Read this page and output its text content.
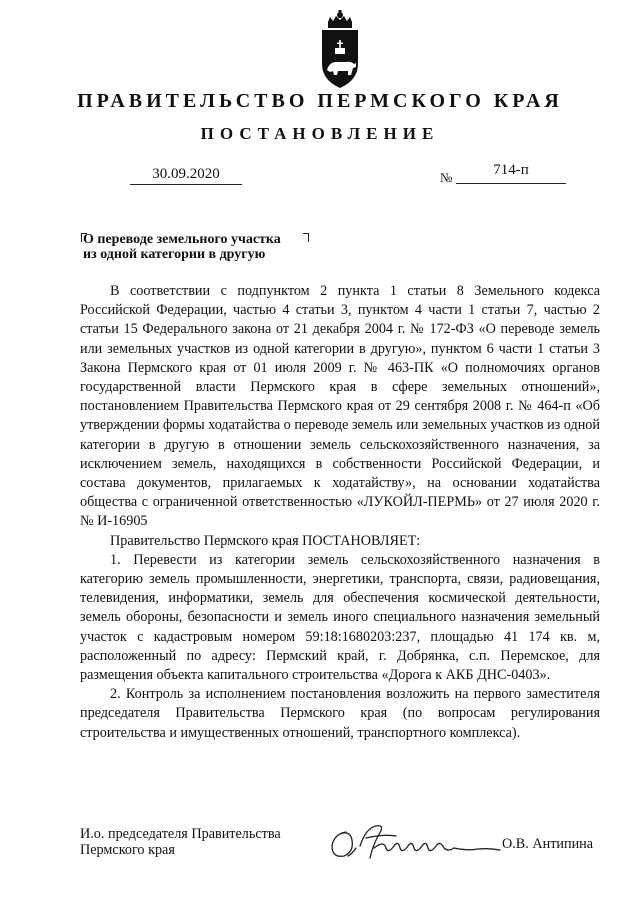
ПРАВИТЕЛЬСТВО ПЕРМСКОГО КРАЯ
ПОСТАНОВЛЕНИЕ
30.09.2020	№	714-п
О переводе земельного участка
из одной категории в другую

В соответствии с подпунктом 2 пункта 1 статьи 8 Земельного кодекса Российской Федерации, частью 4 статьи 3, пунктом 4 части 1 статьи 7, частью 2 статьи 15 Федерального закона от 21 декабря 2004 г. № 172-ФЗ «О переводе земель или земельных участков из одной категории в другую», пунктом 6 части 1 статьи 3 Закона Пермского края от 01 июля 2009 г. № 463-ПК «О полномочиях органов государственной власти Пермского края в сфере земельных отношений», постановлением Правительства Пермского края от 29 сентября 2008 г. № 464-п «Об утверждении формы ходатайства о переводе земель или земельных участков из одной категории в другую в отношении земель сельскохозяйственного назначения, за исключением земель, находящихся в собственности Российской Федерации, и состава документов, прилагаемых к ходатайству», на основании ходатайства общества с ограниченной ответственностью «ЛУКОЙЛ-ПЕРМЬ» от 27 июля 2020 г. № И-16905

Правительство Пермского края ПОСТАНОВЛЯЕТ:

1. Перевести из категории земель сельскохозяйственного назначения в категорию земель промышленности, энергетики, транспорта, связи, радиовещания, телевидения, информатики, земель для обеспечения космической деятельности, земель обороны, безопасности и земель иного специального назначения земельный участок с кадастровым номером 59:18:1680203:237, площадью 41 174 кв. м, расположенный по адресу: Пермский край, г. Добрянка, с.п. Перемское, для размещения объекта капитального строительства «Дорога к АКБ ДНС-0403».

2. Контроль за исполнением постановления возложить на первого заместителя председателя Правительства Пермского края (по вопросам регулирования строительства и имущественных отношений, транспортного комплекса).

И.о. председателя Правительства
Пермского края	О.В. Антипина
